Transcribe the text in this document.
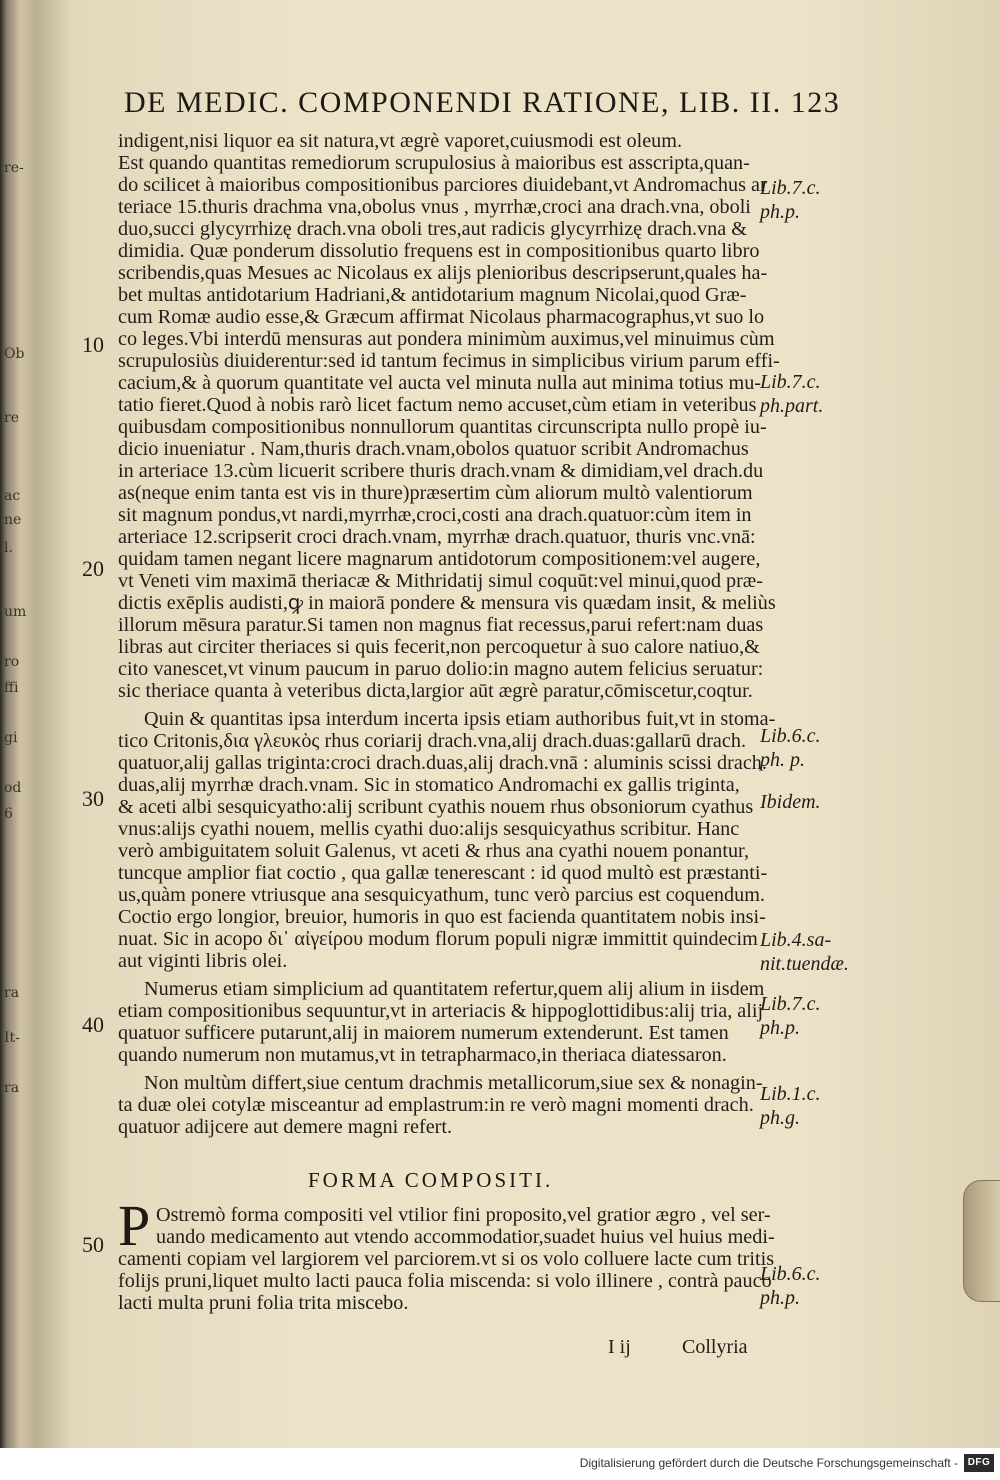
re-
ac
ne
l.
Ob
re
um
ro
ffi
gi
od
6
ra
It-
ra
DE MEDIC. COMPONENDI RATIONE, LIB. II. 123
indigent,nisi liquor ea sit natura,vt ægrè vaporet,cuiusmodi est oleum.
Est quando quantitas remediorum scrupulosius à maioribus est asscripta,quan-
do scilicet à maioribus compositionibus parciores diuidebant,vt Andromachus ar
teriace 15.thuris drachma vna,obolus vnus , myrrhæ,croci ana drach.vna, oboli
duo,succi glycyrrhizę drach.vna oboli tres,aut radicis glycyrrhizę drach.vna &
dimidia. Quæ ponderum dissolutio frequens est in compositionibus quarto libro
scribendis,quas Mesues ac Nicolaus ex alijs plenioribus descripserunt,quales ha-
bet multas antidotarium Hadriani,& antidotarium magnum Nicolai,quod Græ-
cum Romæ audio esse,& Græcum affirmat Nicolaus pharmacographus,vt suo lo
co leges.Vbi interdū mensuras aut pondera minimùm auximus,vel minuimus cùm
scrupulosiùs diuiderentur:sed id tantum fecimus in simplicibus virium parum effi-
cacium,& à quorum quantitate vel aucta vel minuta nulla aut minima totius mu-
tatio fieret.Quod à nobis rarò licet factum nemo accuset,cùm etiam in veteribus
quibusdam compositionibus nonnullorum quantitas circunscripta nullo propè iu-
dicio inueniatur . Nam,thuris drach.vnam,obolos quatuor scribit Andromachus
in arteriace 13.cùm licuerit scribere thuris drach.vnam & dimidiam,vel drach.du
as(neque enim tanta est vis in thure)præsertim cùm aliorum multò valentiorum
sit magnum pondus,vt nardi,myrrhæ,croci,costi ana drach.quatuor:cùm item in
arteriace 12.scripserit croci drach.vnam, myrrhæ drach.quatuor, thuris vnc.vnā:
quidam tamen negant licere magnarum antidotorum compositionem:vel augere,
vt Veneti vim maximā theriacæ & Mithridatij simul coquūt:vel minui,quod præ-
dictis exēplis audisti,ꝙ in maiorā pondere & mensura vis quædam insit, & meliùs
illorum mēsura paratur.Si tamen non magnus fiat recessus,parui refert:nam duas
libras aut circiter theriaces si quis fecerit,non percoquetur à suo calore natiuo,&
cito vanescet,vt vinum paucum in paruo dolio:in magno autem felicius seruatur:
sic theriace quanta à veteribus dicta,largior aūt ægrè paratur,cōmiscetur,coqtur.
Quin & quantitas ipsa interdum incerta ipsis etiam authoribus fuit,vt in stoma-
tico Critonis,δια γλευκὸς rhus coriarij drach.vna,alij drach.duas:gallarū drach.
quatuor,alij gallas triginta:croci drach.duas,alij drach.vnā : aluminis scissi drach.
duas,alij myrrhæ drach.vnam. Sic in stomatico Andromachi ex gallis triginta,
& aceti albi sesquicyatho:alij scribunt cyathis nouem rhus obsoniorum cyathus
vnus:alijs cyathi nouem, mellis cyathi duo:alijs sesquicyathus scribitur. Hanc
verò ambiguitatem soluit Galenus, vt aceti & rhus ana cyathi nouem ponantur,
tuncque amplior fiat coctio , qua gallæ tenerescant : id quod multò est præstanti-
us,quàm ponere vtriusque ana sesquicyathum, tunc verò parcius est coquendum.
Coctio ergo longior, breuior, humoris in quo est facienda quantitatem nobis insi-
nuat. Sic in acopo δι᾽ αἰγείρου modum florum populi nigræ immittit quindecim
aut viginti libris olei.
Numerus etiam simplicium ad quantitatem refertur,quem alij alium in iisdem
etiam compositionibus sequuntur,vt in arteriacis & hippoglottidibus:alij tria, alij
quatuor sufficere putarunt,alij in maiorem numerum extenderunt. Est tamen
quando numerum non mutamus,vt in tetrapharmaco,in theriaca diatessaron.
Non multùm differt,siue centum drachmis metallicorum,siue sex & nonagin-
ta duæ olei cotylæ misceantur ad emplastrum:in re verò magni momenti drach.
quatuor adijcere aut demere magni refert.
10
20
30
40
50
Lib.7.c.
ph.p.
Lib.7.c.
ph.part.
Lib.6.c.
ph. p.
Ibidem.
Lib.4.sa-
nit.tuendæ.
Lib.7.c.
ph.p.
Lib.1.c.
ph.g.
Lib.6.c.
ph.p.
FORMA COMPOSITI.
P Ostremò forma compositi vel vtilior fini proposito,vel gratior ægro , vel ser-
uando medicamento aut vtendo accommodatior,suadet huius vel huius medi-
camenti copiam vel largiorem vel parciorem.vt si os volo colluere lacte cum tritis
folijs pruni,liquet multo lacti pauca folia miscenda: si volo illinere , contrà pauco
lacti multa pruni folia trita miscebo.
I ij	Collyria
Digitalisierung gefördert durch die Deutsche Forschungsgemeinschaft - DFG
